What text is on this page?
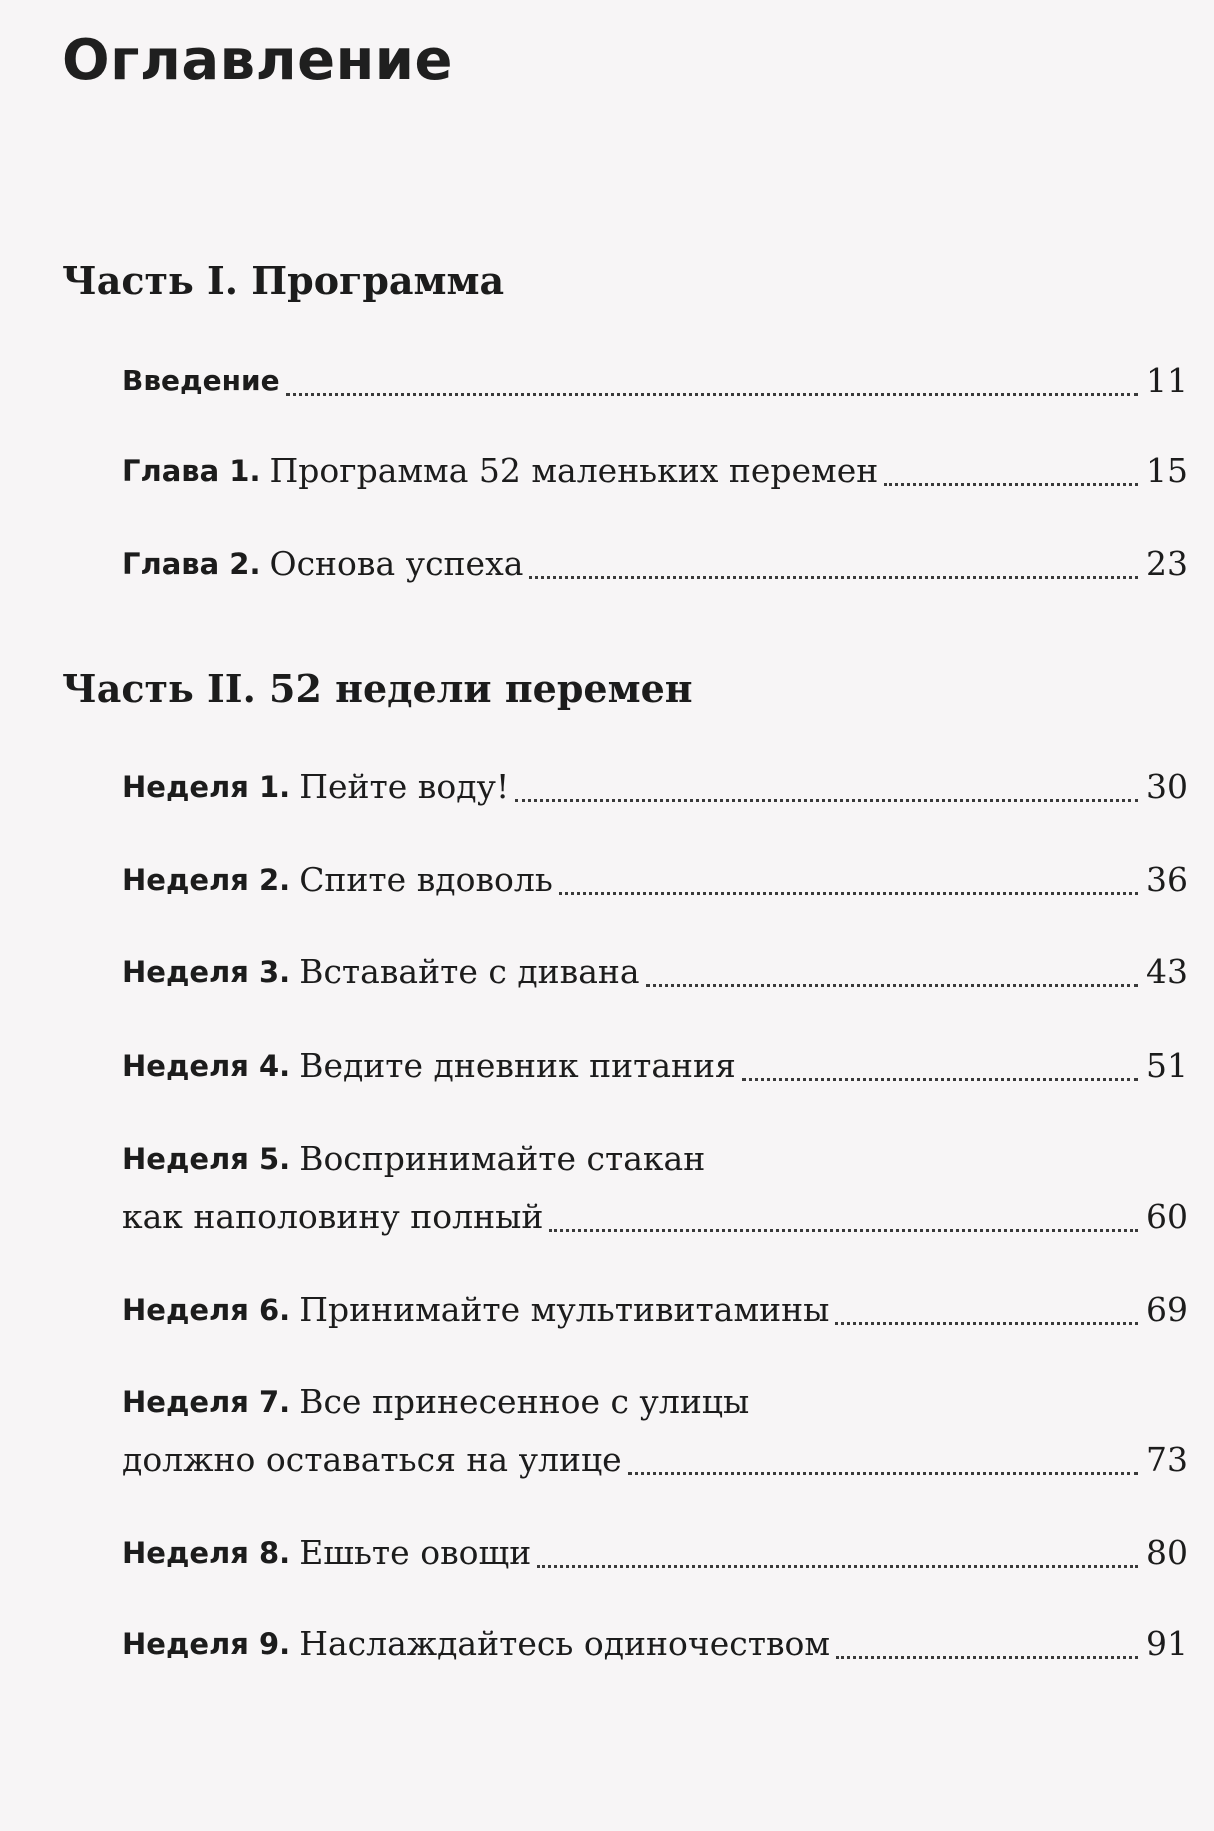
Оглавление
Часть I. Программа
Введение	11
Глава 1. Программа 52 маленьких перемен	15
Глава 2. Основа успеха	23
Часть II. 52 недели перемен
Неделя 1. Пейте воду!	30
Неделя 2. Спите вдоволь	36
Неделя 3. Вставайте с дивана	43
Неделя 4. Ведите дневник питания	51
Неделя 5. Воспринимайте стакан
как наполовину полный	60
Неделя 6. Принимайте мультивитамины	69
Неделя 7. Все принесенное с улицы
должно оставаться на улице	73
Неделя 8. Ешьте овощи	80
Неделя 9. Наслаждайтесь одиночеством	91
